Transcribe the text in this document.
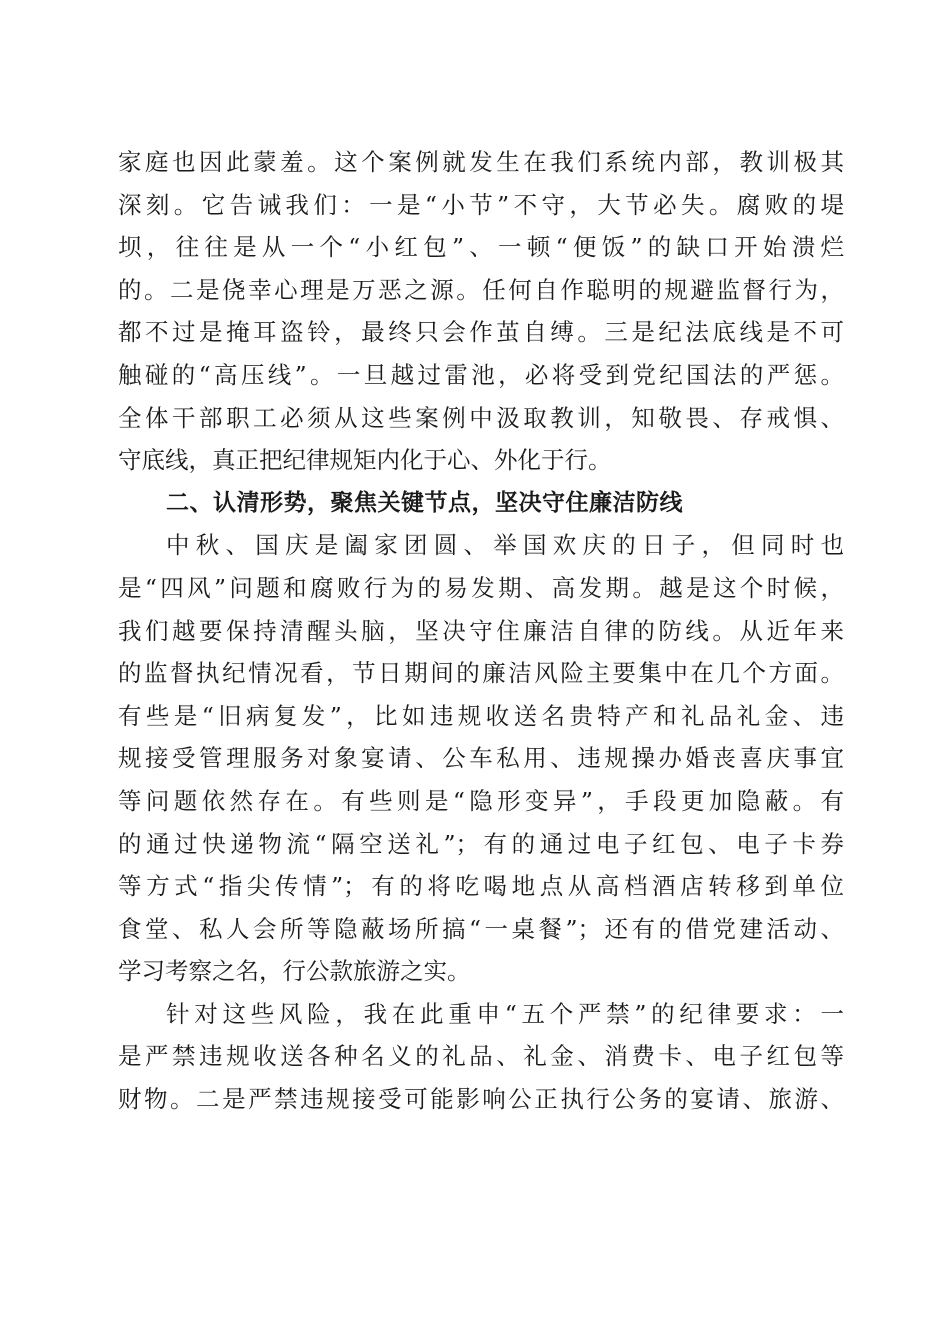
家庭也因此蒙羞。这个案例就发生在我们系统内部，教训极其
深刻。它告诫我们：一是“小节”不守，大节必失。腐败的堤
坝，往往是从一个“小红包”、一顿“便饭”的缺口开始溃烂
的。二是侥幸心理是万恶之源。任何自作聪明的规避监督行为，
都不过是掩耳盗铃，最终只会作茧自缚。三是纪法底线是不可
触碰的“高压线”。一旦越过雷池，必将受到党纪国法的严惩。
全体干部职工必须从这些案例中汲取教训，知敬畏、存戒惧、
守底线，真正把纪律规矩内化于心、外化于行。
二、认清形势，聚焦关键节点，坚决守住廉洁防线
中秋、国庆是阖家团圆、举国欢庆的日子，但同时也
是“四风”问题和腐败行为的易发期、高发期。越是这个时候，
我们越要保持清醒头脑，坚决守住廉洁自律的防线。从近年来
的监督执纪情况看，节日期间的廉洁风险主要集中在几个方面。
有些是“旧病复发”，比如违规收送名贵特产和礼品礼金、违
规接受管理服务对象宴请、公车私用、违规操办婚丧喜庆事宜
等问题依然存在。有些则是“隐形变异”，手段更加隐蔽。有
的通过快递物流“隔空送礼”；有的通过电子红包、电子卡券
等方式“指尖传情”；有的将吃喝地点从高档酒店转移到单位
食堂、私人会所等隐蔽场所搞“一桌餐”；还有的借党建活动、
学习考察之名，行公款旅游之实。
针对这些风险，我在此重申“五个严禁”的纪律要求：一
是严禁违规收送各种名义的礼品、礼金、消费卡、电子红包等
财物。二是严禁违规接受可能影响公正执行公务的宴请、旅游、
